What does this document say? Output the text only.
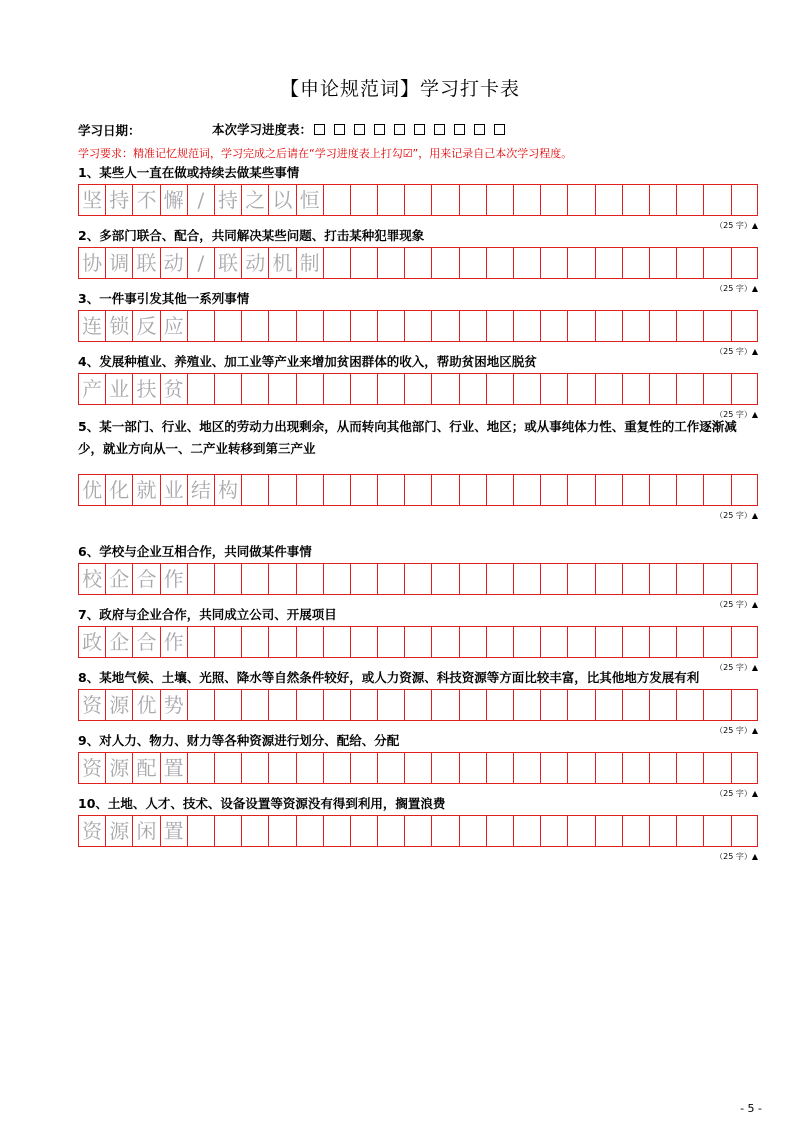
【申论规范词】学习打卡表
学习日期：	本次学习进度表：
学习要求：精准记忆规范词，学习完成之后请在“学习进度表上打勾☑”，用来记录自己本次学习程度。
1、某些人一直在做或持续去做某些事情
坚 持 不 懈 / 持 之 以 恒
（25 字）▲
2、多部门联合、配合，共同解决某些问题、打击某种犯罪现象
协 调 联 动 / 联 动 机 制
（25 字）▲
3、一件事引发其他一系列事情
连 锁 反 应
（25 字）▲
4、发展种植业、养殖业、加工业等产业来增加贫困群体的收入，帮助贫困地区脱贫
产 业 扶 贫
（25 字）▲
5、某一部门、行业、地区的劳动力出现剩余，从而转向其他部门、行业、地区；或从事纯体力性、重复性的工作逐渐减少，就业方向从一、二产业转移到第三产业
优 化 就 业 结 构
（25 字）▲
6、学校与企业互相合作，共同做某件事情
校 企 合 作
（25 字）▲
7、政府与企业合作，共同成立公司、开展项目
政 企 合 作
（25 字）▲
8、某地气候、土壤、光照、降水等自然条件较好，或人力资源、科技资源等方面比较丰富，比其他地方发展有利
资 源 优 势
（25 字）▲
9、对人力、物力、财力等各种资源进行划分、配给、分配
资 源 配 置
（25 字）▲
10、土地、人才、技术、设备设置等资源没有得到利用，搁置浪费
资 源 闲 置
（25 字）▲
- 5 -
